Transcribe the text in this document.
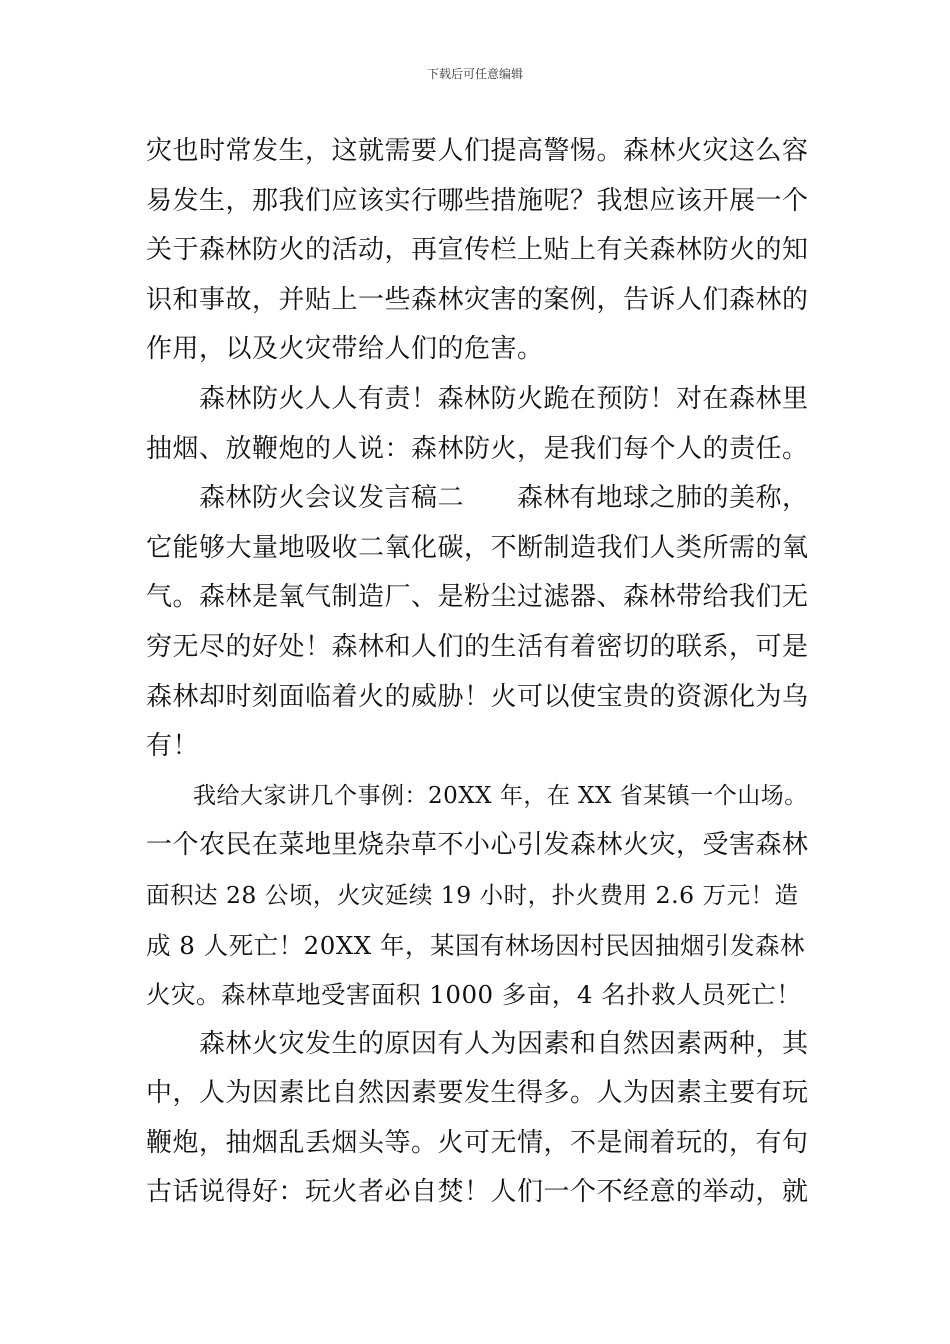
下载后可任意编辑
灾也时常发生，这就需要人们提高警惕。森林火灾这么容
易发生，那我们应该实行哪些措施呢？我想应该开展一个
关于森林防火的活动，再宣传栏上贴上有关森林防火的知
识和事故，并贴上一些森林灾害的案例，告诉人们森林的
作用，以及火灾带给人们的危害。
　　森林防火人人有责！森林防火跪在预防！对在森林里
抽烟、放鞭炮的人说：森林防火，是我们每个人的责任。
　　森林防火会议发言稿二　　森林有地球之肺的美称，
它能够大量地吸收二氧化碳，不断制造我们人类所需的氧
气。森林是氧气制造厂、是粉尘过滤器、森林带给我们无
穷无尽的好处！森林和人们的生活有着密切的联系，可是
森林却时刻面临着火的威胁！火可以使宝贵的资源化为乌
有！
　　我给大家讲几个事例：20XX 年，在 XX 省某镇一个山场。
一个农民在菜地里烧杂草不小心引发森林火灾，受害森林
面积达 28 公顷，火灾延续 19 小时，扑火费用 2.6 万元！造
成 8 人死亡！20XX 年，某国有林场因村民因抽烟引发森林
火灾。森林草地受害面积 1000 多亩，4 名扑救人员死亡！
　　森林火灾发生的原因有人为因素和自然因素两种，其
中，人为因素比自然因素要发生得多。人为因素主要有玩
鞭炮，抽烟乱丢烟头等。火可无情，不是闹着玩的，有句
古话说得好：玩火者必自焚！人们一个不经意的举动，就
